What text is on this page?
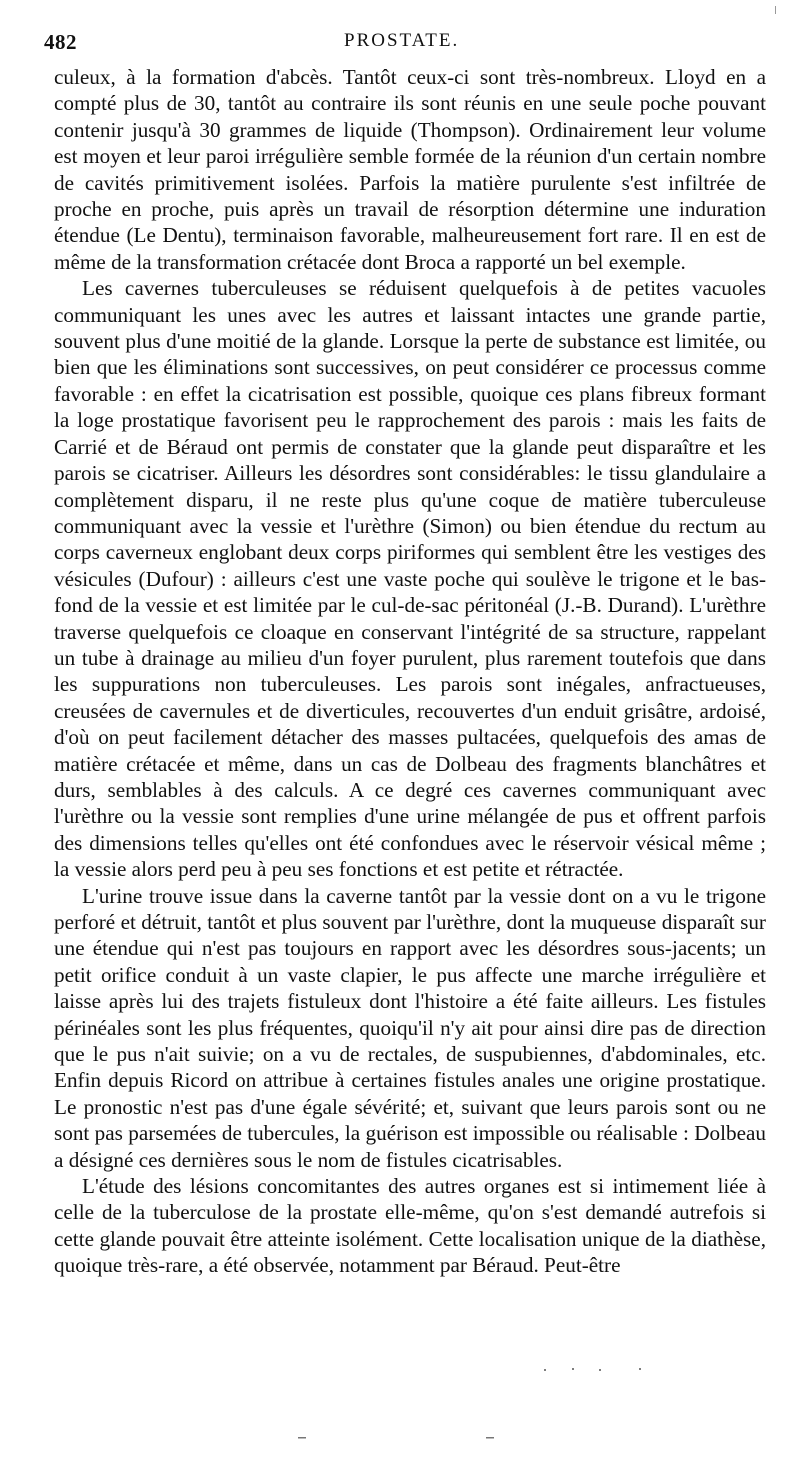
482	PROSTATE.

culeux, à la formation d'abcès. Tantôt ceux-ci sont très-nombreux. Lloyd en a compté plus de 30, tantôt au contraire ils sont réunis en une seule poche pouvant contenir jusqu'à 30 grammes de liquide (Thompson). Ordinairement leur volume est moyen et leur paroi irrégulière semble formée de la réunion d'un certain nombre de cavités primitivement isolées. Parfois la matière purulente s'est infiltrée de proche en proche, puis après un travail de résorption détermine une induration étendue (Le Dentu), terminaison favorable, malheureusement fort rare. Il en est de même de la transformation crétacée dont Broca a rapporté un bel exemple.

Les cavernes tuberculeuses se réduisent quelquefois à de petites vacuoles communiquant les unes avec les autres et laissant intactes une grande partie, souvent plus d'une moitié de la glande. Lorsque la perte de substance est limitée, ou bien que les éliminations sont successives, on peut considérer ce processus comme favorable : en effet la cicatrisation est possible, quoique ces plans fibreux formant la loge prostatique favorisent peu le rapprochement des parois : mais les faits de Carrié et de Béraud ont permis de constater que la glande peut disparaître et les parois se cicatriser. Ailleurs les désordres sont considérables: le tissu glandulaire a complètement disparu, il ne reste plus qu'une coque de matière tuberculeuse communiquant avec la vessie et l'urèthre (Simon) ou bien étendue du rectum au corps caverneux englobant deux corps piriformes qui semblent être les vestiges des vésicules (Dufour) : ailleurs c'est une vaste poche qui soulève le trigone et le bas-fond de la vessie et est limitée par le cul-de-sac péritonéal (J.-B. Durand). L'urèthre traverse quelquefois ce cloaque en conservant l'intégrité de sa structure, rappelant un tube à drainage au milieu d'un foyer purulent, plus rarement toutefois que dans les suppurations non tuberculeuses. Les parois sont inégales, anfractueuses, creusées de cavernules et de diverticules, recouvertes d'un enduit grisâtre, ardoisé, d'où on peut facilement détacher des masses pultacées, quelquefois des amas de matière crétacée et même, dans un cas de Dolbeau des fragments blanchâtres et durs, semblables à des calculs. A ce degré ces cavernes communiquant avec l'urèthre ou la vessie sont remplies d'une urine mélangée de pus et offrent parfois des dimensions telles qu'elles ont été confondues avec le réservoir vésical même ; la vessie alors perd peu à peu ses fonctions et est petite et rétractée.

L'urine trouve issue dans la caverne tantôt par la vessie dont on a vu le trigone perforé et détruit, tantôt et plus souvent par l'urèthre, dont la muqueuse disparaît sur une étendue qui n'est pas toujours en rapport avec les désordres sous-jacents; un petit orifice conduit à un vaste clapier, le pus affecte une marche irrégulière et laisse après lui des trajets fistuleux dont l'histoire a été faite ailleurs. Les fistules périnéales sont les plus fréquentes, quoiqu'il n'y ait pour ainsi dire pas de direction que le pus n'ait suivie; on a vu de rectales, de suspubiennes, d'abdominales, etc. Enfin depuis Ricord on attribue à certaines fistules anales une origine prostatique. Le pronostic n'est pas d'une égale sévérité; et, suivant que leurs parois sont ou ne sont pas parsemées de tubercules, la guérison est impossible ou réalisable : Dolbeau a désigné ces dernières sous le nom de fistules cicatrisables.

L'étude des lésions concomitantes des autres organes est si intimement liée à celle de la tuberculose de la prostate elle-même, qu'on s'est demandé autrefois si cette glande pouvait être atteinte isolément. Cette localisation unique de la diathèse, quoique très-rare, a été observée, notamment par Béraud. Peut-être
